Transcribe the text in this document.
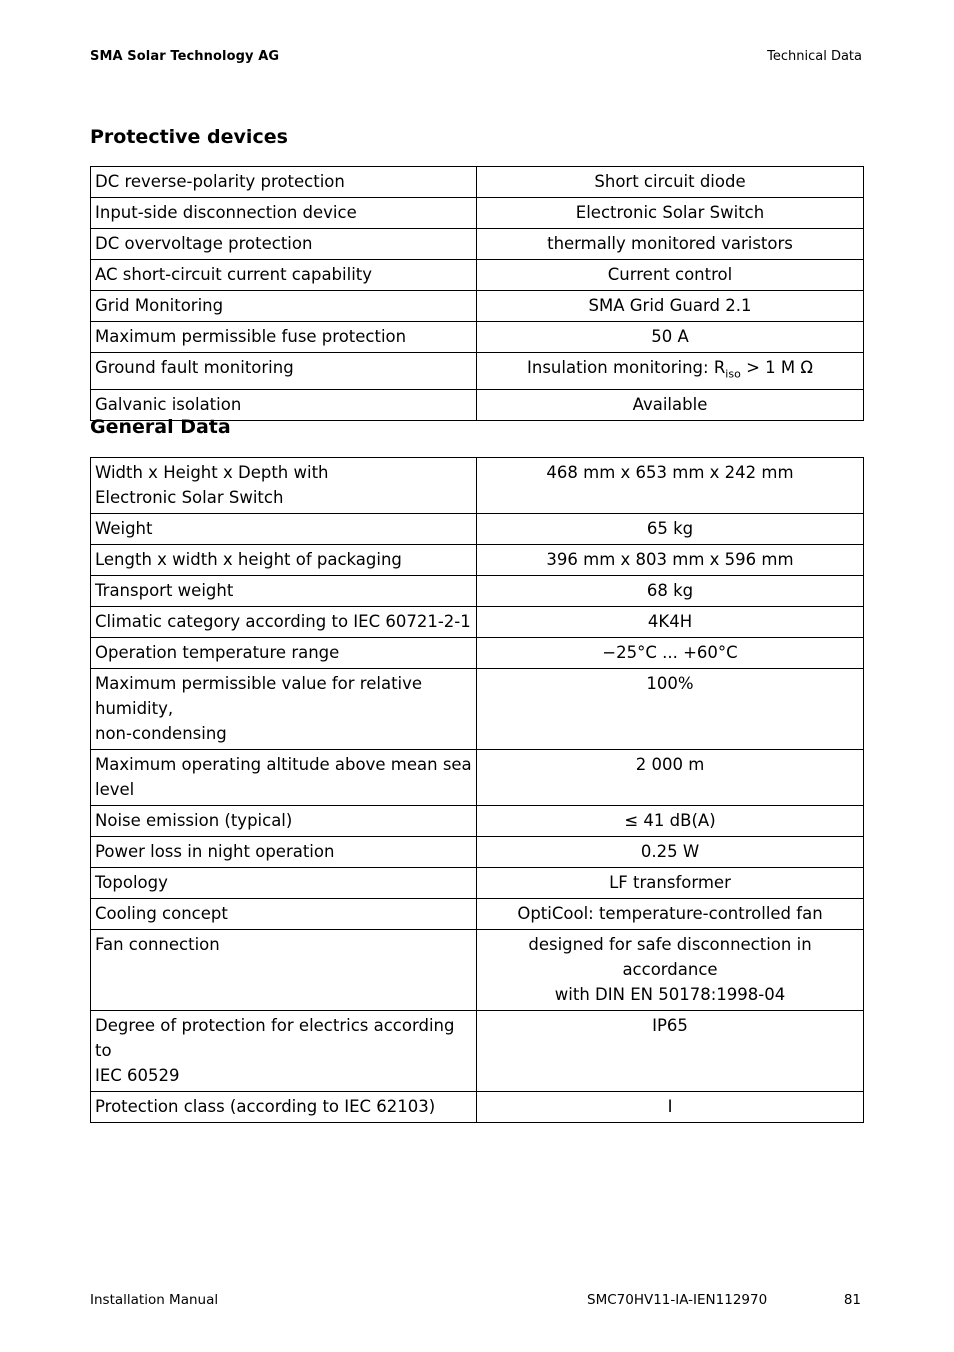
SMA Solar Technology AG	Technical Data
Protective devices
DC reverse-polarity protection	Short circuit diode
Input-side disconnection device	Electronic Solar Switch
DC overvoltage protection	thermally monitored varistors
AC short-circuit current capability	Current control
Grid Monitoring	SMA Grid Guard 2.1
Maximum permissible fuse protection	50 A
Ground fault monitoring	Insulation monitoring: $R_{iso} > 1$ M Ω
Galvanic isolation	Available
General Data
Width x Height x Depth with
Electronic Solar Switch	468 mm x 653 mm x 242 mm
Weight	65 kg
Length x width x height of packaging	396 mm x 803 mm x 596 mm
Transport weight	68 kg
Climatic category according to IEC 60721-2-1	4K4H
Operation temperature range	−25°C ... +60°C
Maximum permissible value for relative humidity,
non-condensing	100%
Maximum operating altitude above mean sea
level	2 000 m
Noise emission (typical)	≤ 41 dB(A)
Power loss in night operation	0.25 W
Topology	LF transformer
Cooling concept	OptiCool: temperature-controlled fan
Fan connection	designed for safe disconnection in accordance
with DIN EN 50178:1998-04
Degree of protection for electrics according to
IEC 60529	IP65
Protection class (according to IEC 62103)	I
Installation Manual	SMC70HV11-IA-IEN112970	81
